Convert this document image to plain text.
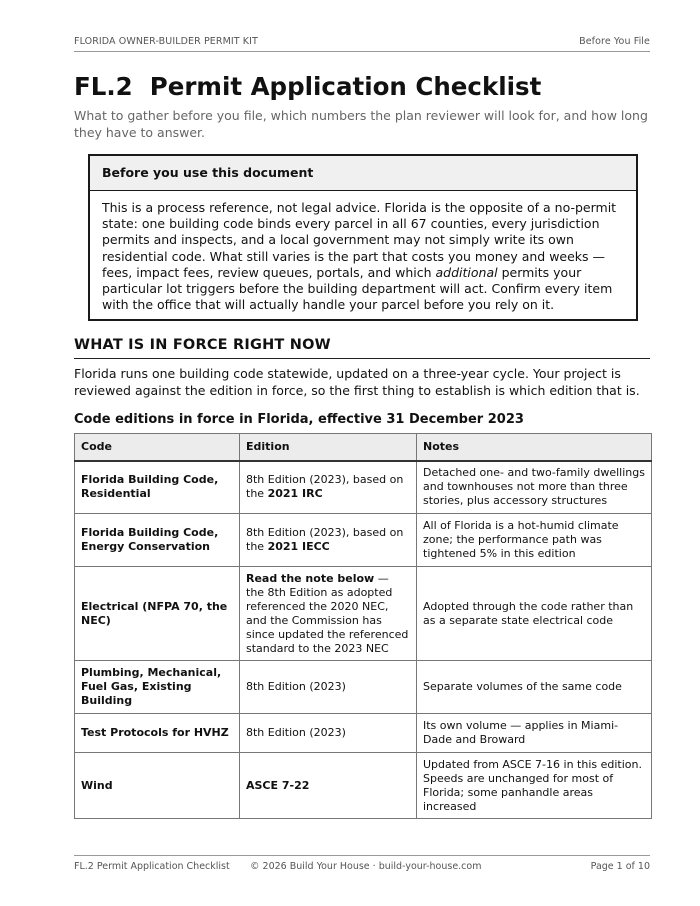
FLORIDA OWNER-BUILDER PERMIT KIT	Before You File
FL.2 Permit Application Checklist

What to gather before you file, which numbers the plan reviewer will look for, and how long they have to answer.

Before you use this document
This is a process reference, not legal advice. Florida is the opposite of a no-permit state: one building code binds every parcel in all 67 counties, every jurisdiction permits and inspects, and a local government may not simply write its own residential code. What still varies is the part that costs you money and weeks — fees, impact fees, review queues, portals, and which additional permits your particular lot triggers before the building department will act. Confirm every item with the office that will actually handle your parcel before you rely on it.
WHAT IS IN FORCE RIGHT NOW

Florida runs one building code statewide, updated on a three-year cycle. Your project is reviewed against the edition in force, so the first thing to establish is which edition that is.

Code editions in force in Florida, effective 31 December 2023
Code	Edition	Notes
Florida Building Code, Residential	8th Edition (2023), based on the 2021 IRC	Detached one- and two-family dwellings and townhouses not more than three stories, plus accessory structures
Florida Building Code, Energy Conservation	8th Edition (2023), based on the 2021 IECC	All of Florida is a hot-humid climate zone; the performance path was tightened 5% in this edition
Electrical (NFPA 70, the NEC)	Read the note below — the 8th Edition as adopted referenced the 2020 NEC, and the Commission has since updated the referenced standard to the 2023 NEC	Adopted through the code rather than as a separate state electrical code
Plumbing, Mechanical, Fuel Gas, Existing Building	8th Edition (2023)	Separate volumes of the same code
Test Protocols for HVHZ	8th Edition (2023)	Its own volume — applies in Miami-Dade and Broward
Wind	ASCE 7-22	Updated from ASCE 7-16 in this edition. Speeds are unchanged for most of Florida; some panhandle areas increased
FL.2 Permit Application Checklist	© 2026 Build Your House · build-your-house.com	Page 1 of 10
